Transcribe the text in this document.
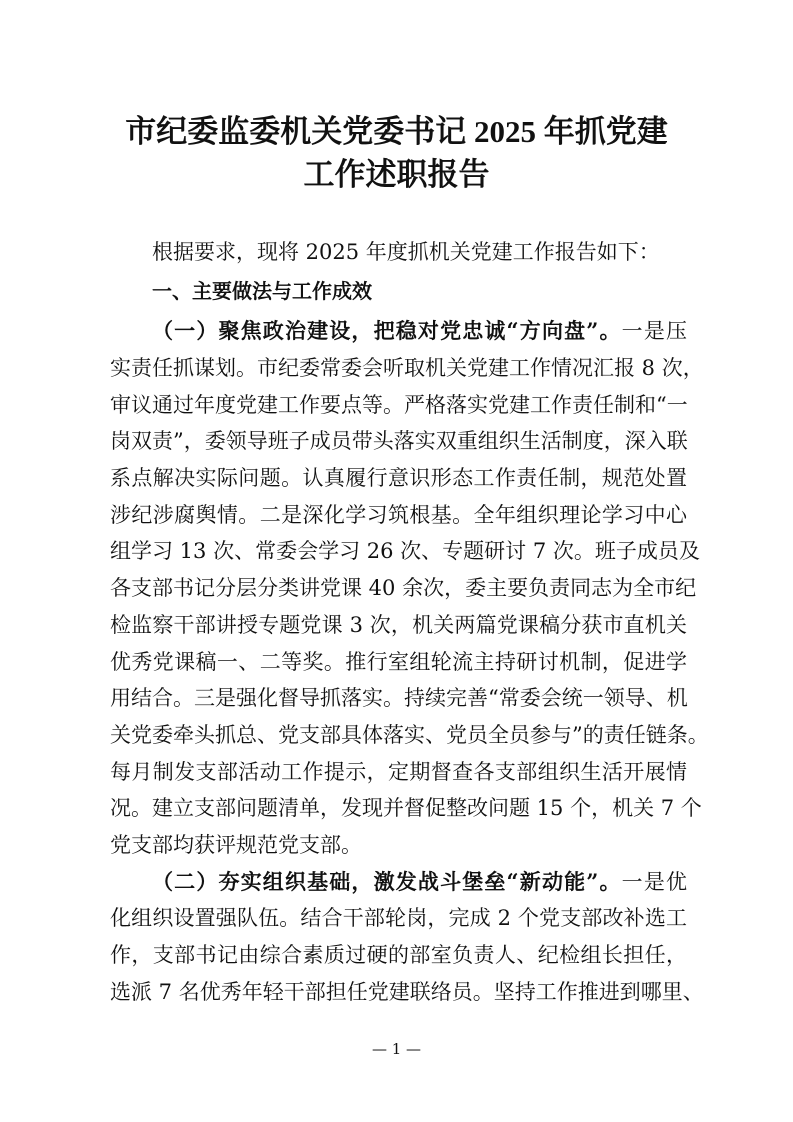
市纪委监委机关党委书记 2025 年抓党建
工作述职报告
根据要求，现将 2025 年度抓机关党建工作报告如下：
一、主要做法与工作成效
（一）聚焦政治建设，把稳对党忠诚“方向盘”。一是压
实责任抓谋划。市纪委常委会听取机关党建工作情况汇报 8 次，
审议通过年度党建工作要点等。严格落实党建工作责任制和“一
岗双责”，委领导班子成员带头落实双重组织生活制度，深入联
系点解决实际问题。认真履行意识形态工作责任制，规范处置
涉纪涉腐舆情。二是深化学习筑根基。全年组织理论学习中心
组学习 13 次、常委会学习 26 次、专题研讨 7 次。班子成员及
各支部书记分层分类讲党课 40 余次，委主要负责同志为全市纪
检监察干部讲授专题党课 3 次，机关两篇党课稿分获市直机关
优秀党课稿一、二等奖。推行室组轮流主持研讨机制，促进学
用结合。三是强化督导抓落实。持续完善“常委会统一领导、机
关党委牵头抓总、党支部具体落实、党员全员参与”的责任链条。
每月制发支部活动工作提示，定期督查各支部组织生活开展情
况。建立支部问题清单，发现并督促整改问题 15 个，机关 7 个
党支部均获评规范党支部。
（二）夯实组织基础，激发战斗堡垒“新动能”。一是优
化组织设置强队伍。结合干部轮岗，完成 2 个党支部改补选工
作，支部书记由综合素质过硬的部室负责人、纪检组长担任，
选派 7 名优秀年轻干部担任党建联络员。坚持工作推进到哪里、
— 1 —
